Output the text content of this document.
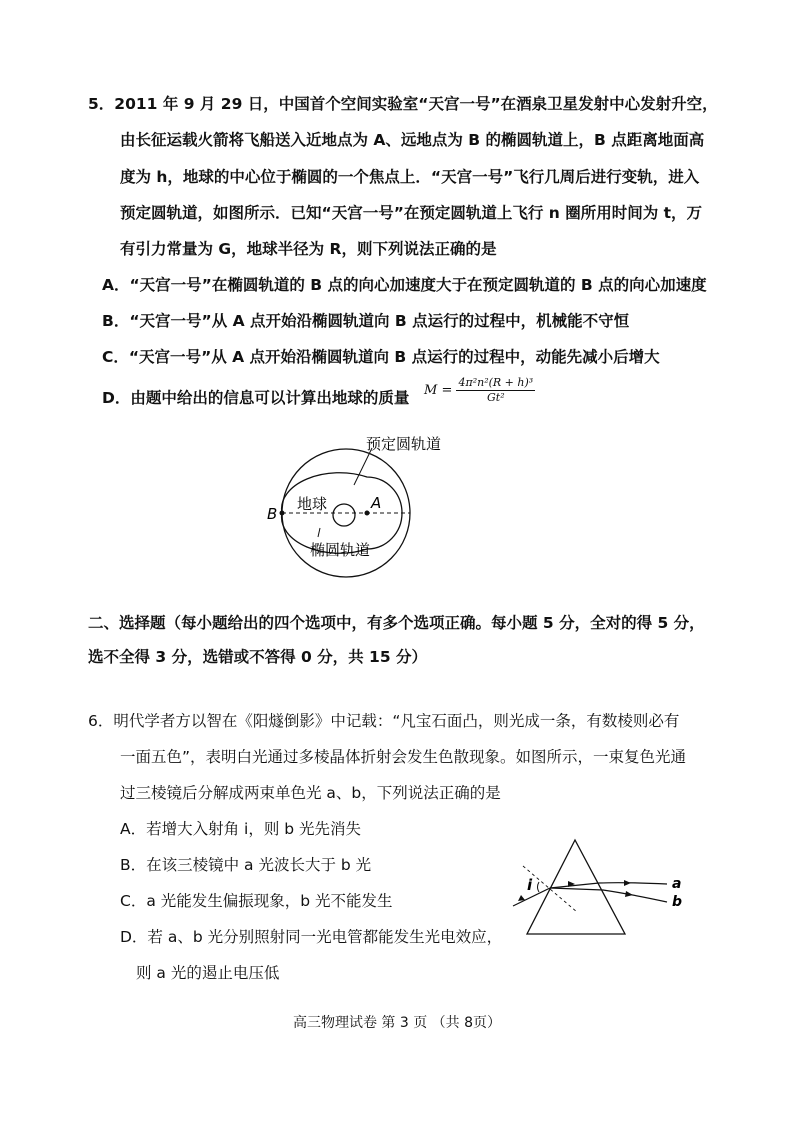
5．2011 年 9 月 29 日，中国首个空间实验室“天宫一号”在酒泉卫星发射中心发射升空，
由长征运载火箭将飞船送入近地点为 A、远地点为 B 的椭圆轨道上，B 点距离地面高
度为 h，地球的中心位于椭圆的一个焦点上．“天宫一号”飞行几周后进行变轨，进入
预定圆轨道，如图所示．已知“天宫一号”在预定圆轨道上飞行 n 圈所用时间为 t，万
有引力常量为 G，地球半径为 R，则下列说法正确的是
A．“天宫一号”在椭圆轨道的 B 点的向心加速度大于在预定圆轨道的 B 点的向心加速度
B．“天宫一号”从 A 点开始沿椭圆轨道向 B 点运行的过程中，机械能不守恒
C．“天宫一号”从 A 点开始沿椭圆轨道向 B 点运行的过程中，动能先减小后增大
D．由题中给出的信息可以计算出地球的质量 $M = \frac{\text{4π²n²(R + h)³}}{\text{Gt²}}$
预定圆轨道
地球
椭圆轨道
A
B
二、选择题（每小题给出的四个选项中，有多个选项正确。每小题 5 分，全对的得 5 分，
选不全得 3 分，选错或不答得 0 分，共 15 分）
6．明代学者方以智在《阳燧倒影》中记载：“凡宝石面凸，则光成一条，有数棱则必有
一面五色”，表明白光通过多棱晶体折射会发生色散现象。如图所示，一束复色光通
过三棱镜后分解成两束单色光 a、b，下列说法正确的是
A．若增大入射角 i，则 b 光先消失
B．在该三棱镜中 a 光波长大于 b 光
C．a 光能发生偏振现象，b 光不能发生
D．若 a、b 光分别照射同一光电管都能发生光电效应，
则 a 光的遏止电压低
i	a
b
高三物理试卷 第 3 页 （共 8页）
